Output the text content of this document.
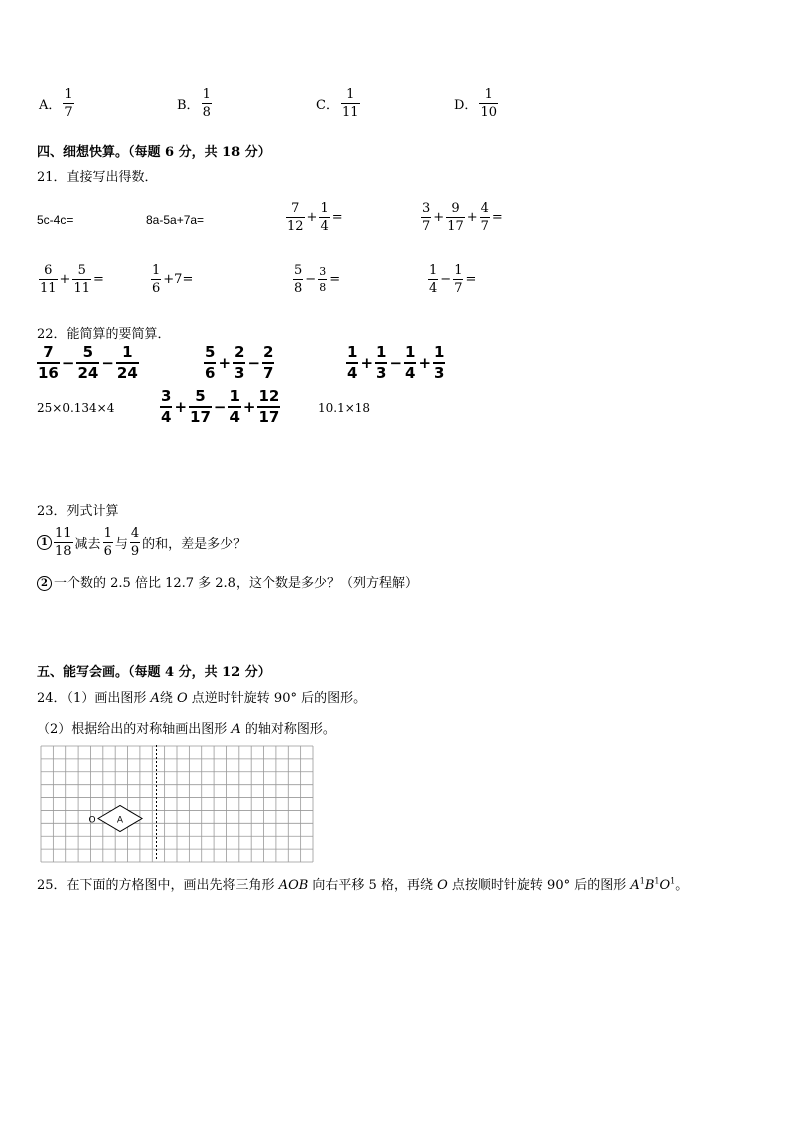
A． $\frac{1}{7}$	B． $\frac{1}{8}$	C． $\frac{1}{11}$	D． $\frac{1}{10}$
四、细想快算。（每题 6 分，共 18 分）
21．直接写出得数．
5c-4c=	8a-5a+7a=	$\frac{7}{12} + \frac{1}{4}$ =	$\frac{3}{7} + \frac{9}{17} + \frac{4}{7}$ =
$\frac{6}{11} + \frac{5}{11}$ =	$\frac{1}{6} +7=$	$\frac{5}{8} - \frac{3}{8}$ =	$\frac{1}{4} - \frac{1}{7}$ =
22．能简算的要简算．
$\frac{7}{16} - \frac{5}{24} - \frac{1}{24}$	$\frac{5}{6} + \frac{2}{3} - \frac{2}{7}$	$\frac{1}{4} + \frac{1}{3} - \frac{1}{4} + \frac{1}{3}$
25×0.134×4	$\frac{3}{4} + \frac{5}{17} - \frac{1}{4} + \frac{12}{17}$	10.1×18
23．列式计算
$1 \frac{11}{18}$ 减去 $\frac{1}{6}$ 与 $\frac{4}{9}$ 的和，差是多少？
2 一个数的 2.5 倍比 12.7 多 2.8，这个数是多少？（列方程解）
五、能写会画。（每题 4 分，共 12 分）
24．（1）画出图形 A绕 O 点逆时针旋转 90° 后的图形。
（2）根据给出的对称轴画出图形 A 的轴对称图形。
A
O
25．在下面的方格图中，画出先将三角形 AOB 向右平移 5 格，再绕 O 点按顺时针旋转 90° 后的图形 $A^1B^1O^1$。
